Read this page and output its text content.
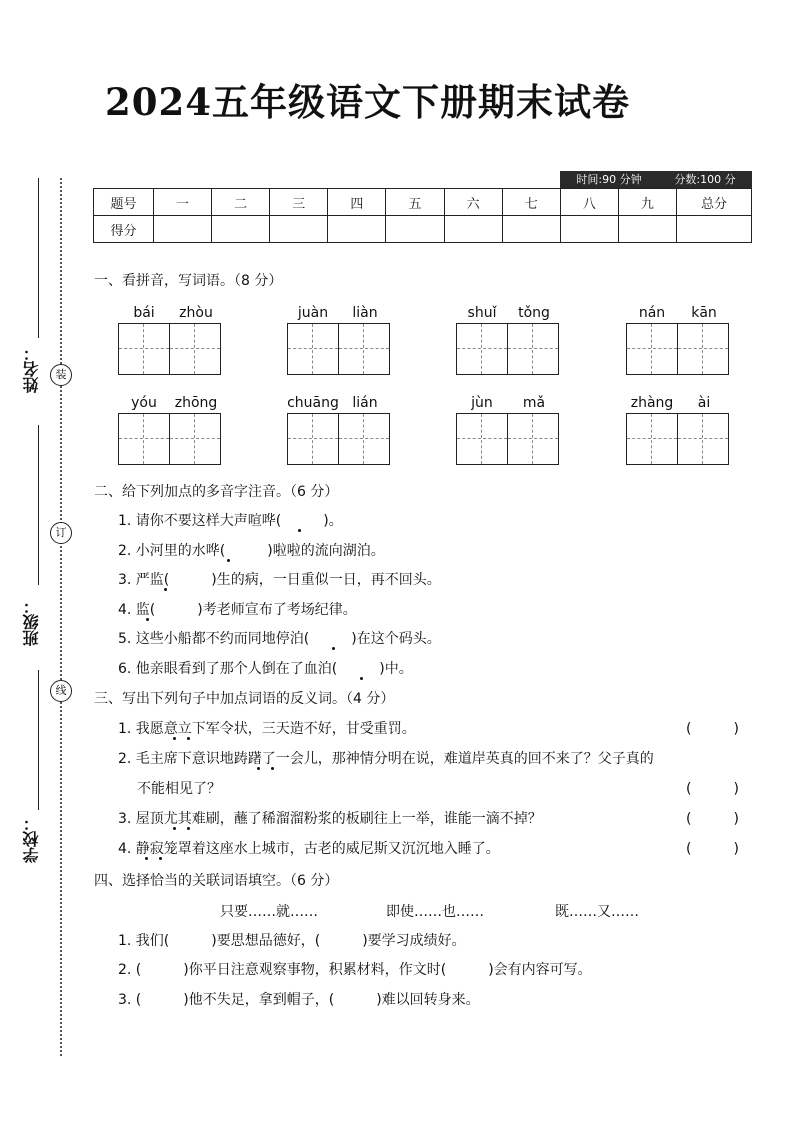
2024五年级语文下册期末试卷
姓名：
班级：
学校：
装
订
线
时间:90 分钟	分数:100 分
题号	一	二	三	四	五	六	七	八	九	总分
得分										
一、看拼音，写词语。（8 分）
bái	zhòu	juàn	liàn	shuǐ	tǒng	nán	kān
yóu	zhōng	chuāng lián	jùn	mǎ	zhàng	ài
二、给下列加点的多音字注音。（6 分）
1. 请你不要这样大声喧哗(　　　)。
2. 小河里的水哗(　　　)啦啦的流向湖泊。
3. 严监(　　　)生的病，一日重似一日，再不回头。
4. 监(　　　)考老师宣布了考场纪律。
5. 这些小船都不约而同地停泊(　　　)在这个码头。
6. 他亲眼看到了那个人倒在了血泊(　　　)中。
三、写出下列句子中加点词语的反义词。（4 分）
1. 我愿意立下军令状，三天造不好，甘受重罚。	(　　　)
2. 毛主席下意识地踌躇了一会儿，那神情分明在说，难道岸英真的回不来了？父子真的
不能相见了？	(　　　)
3. 屋顶尤其难刷，蘸了稀溜溜粉浆的板刷往上一举，谁能一滴不掉？	(　　　)
4. 静寂笼罩着这座水上城市，古老的威尼斯又沉沉地入睡了。	(　　　)
四、选择恰当的关联词语填空。（6 分）
只要……就……	即使……也……	既……又……
1. 我们(　　　)要思想品德好，(　　　)要学习成绩好。
2. (　　　)你平日注意观察事物，积累材料，作文时(　　　)会有内容可写。
3. (　　　)他不失足，拿到帽子，(　　　)难以回转身来。
